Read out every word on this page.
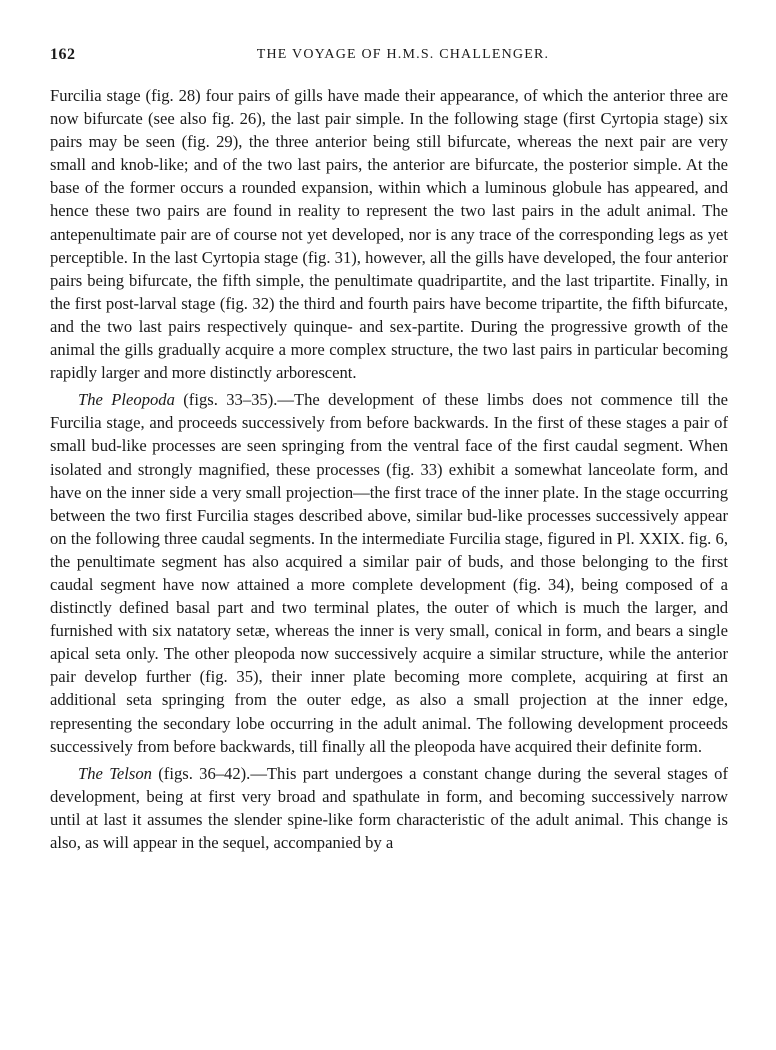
162	THE VOYAGE OF H.M.S. CHALLENGER.

Furcilia stage (fig. 28) four pairs of gills have made their appearance, of which the anterior three are now bifurcate (see also fig. 26), the last pair simple. In the following stage (first Cyrtopia stage) six pairs may be seen (fig. 29), the three anterior being still bifurcate, whereas the next pair are very small and knob-like; and of the two last pairs, the anterior are bifurcate, the posterior simple. At the base of the former occurs a rounded expansion, within which a luminous globule has appeared, and hence these two pairs are found in reality to represent the two last pairs in the adult animal. The antepenultimate pair are of course not yet developed, nor is any trace of the corresponding legs as yet perceptible. In the last Cyrtopia stage (fig. 31), however, all the gills have developed, the four anterior pairs being bifurcate, the fifth simple, the penultimate quadripartite, and the last tripartite. Finally, in the first post-larval stage (fig. 32) the third and fourth pairs have become tripartite, the fifth bifurcate, and the two last pairs respectively quinque- and sex-partite. During the progressive growth of the animal the gills gradually acquire a more complex structure, the two last pairs in particular becoming rapidly larger and more distinctly arborescent.

The Pleopoda (figs. 33–35).—The development of these limbs does not commence till the Furcilia stage, and proceeds successively from before backwards. In the first of these stages a pair of small bud-like processes are seen springing from the ventral face of the first caudal segment. When isolated and strongly magnified, these processes (fig. 33) exhibit a somewhat lanceolate form, and have on the inner side a very small projection—the first trace of the inner plate. In the stage occurring between the two first Furcilia stages described above, similar bud-like processes successively appear on the following three caudal segments. In the intermediate Furcilia stage, figured in Pl. XXIX. fig. 6, the penultimate segment has also acquired a similar pair of buds, and those belonging to the first caudal segment have now attained a more complete development (fig. 34), being composed of a distinctly defined basal part and two terminal plates, the outer of which is much the larger, and furnished with six natatory setæ, whereas the inner is very small, conical in form, and bears a single apical seta only. The other pleopoda now successively acquire a similar structure, while the anterior pair develop further (fig. 35), their inner plate becoming more complete, acquiring at first an additional seta springing from the outer edge, as also a small projection at the inner edge, representing the secondary lobe occurring in the adult animal. The following development proceeds successively from before backwards, till finally all the pleopoda have acquired their definite form.

The Telson (figs. 36–42).—This part undergoes a constant change during the several stages of development, being at first very broad and spathulate in form, and becoming successively narrow until at last it assumes the slender spine-like form characteristic of the adult animal. This change is also, as will appear in the sequel, accompanied by a
